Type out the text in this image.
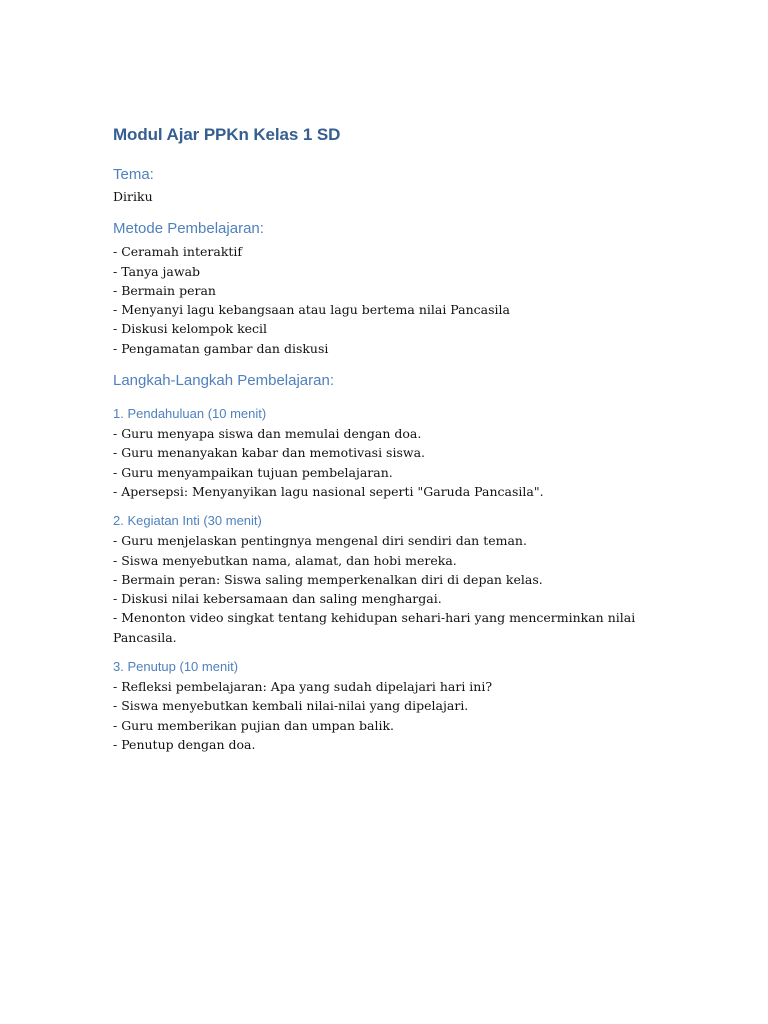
Modul Ajar PPKn Kelas 1 SD
Tema:

Diriku

Metode Pembelajaran:

- Ceramah interaktif

- Tanya jawab

- Bermain peran

- Menyanyi lagu kebangsaan atau lagu bertema nilai Pancasila

- Diskusi kelompok kecil

- Pengamatan gambar dan diskusi

Langkah-Langkah Pembelajaran:
1. Pendahuluan (10 menit)

- Guru menyapa siswa dan memulai dengan doa.

- Guru menanyakan kabar dan memotivasi siswa.

- Guru menyampaikan tujuan pembelajaran.

- Apersepsi: Menyanyikan lagu nasional seperti "Garuda Pancasila".

2. Kegiatan Inti (30 menit)

- Guru menjelaskan pentingnya mengenal diri sendiri dan teman.

- Siswa menyebutkan nama, alamat, dan hobi mereka.

- Bermain peran: Siswa saling memperkenalkan diri di depan kelas.

- Diskusi nilai kebersamaan dan saling menghargai.

- Menonton video singkat tentang kehidupan sehari-hari yang mencerminkan nilai Pancasila.

3. Penutup (10 menit)

- Refleksi pembelajaran: Apa yang sudah dipelajari hari ini?

- Siswa menyebutkan kembali nilai-nilai yang dipelajari.

- Guru memberikan pujian dan umpan balik.

- Penutup dengan doa.
